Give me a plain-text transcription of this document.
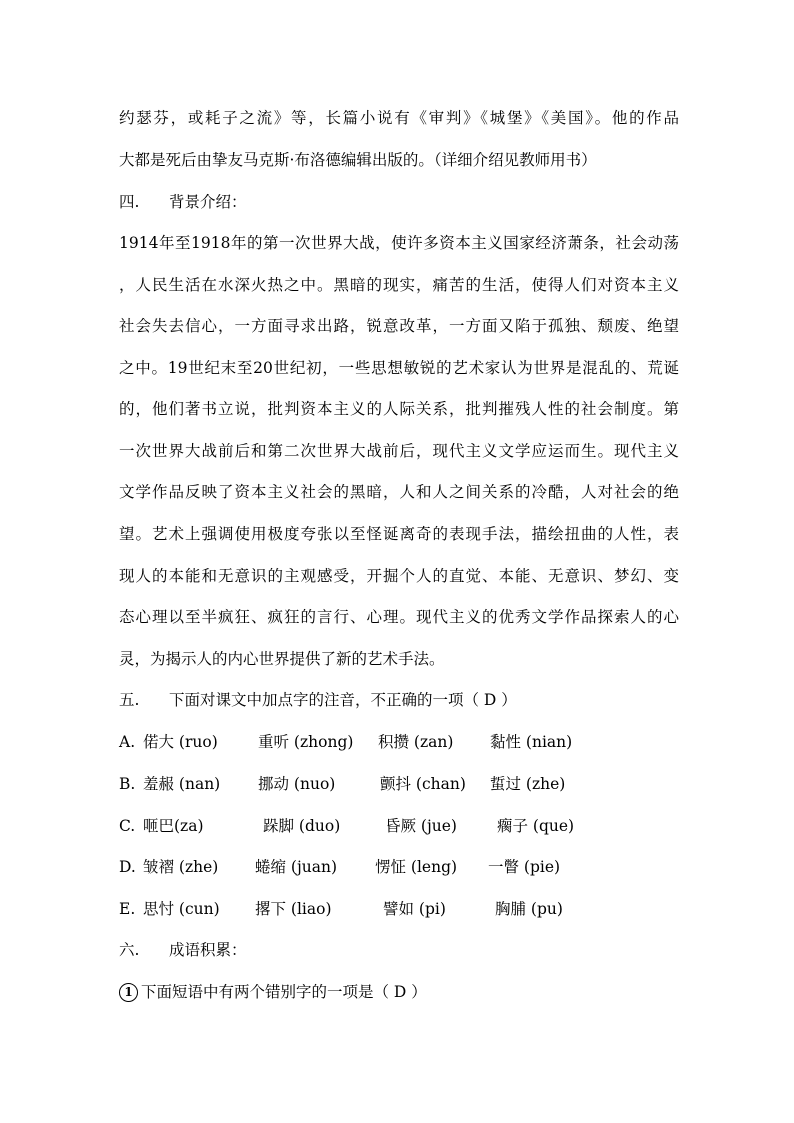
约瑟芬，或耗子之流》等，长篇小说有《审判》《城堡》《美国》。他的作品
大都是死后由挚友马克斯·布洛德编辑出版的。（详细介绍见教师用书）
四. 背景介绍：
1914年至1918年的第一次世界大战，使许多资本主义国家经济萧条，社会动荡
，人民生活在水深火热之中。黑暗的现实，痛苦的生活，使得人们对资本主义
社会失去信心，一方面寻求出路，锐意改革，一方面又陷于孤独、颓废、绝望
之中。19世纪末至20世纪初，一些思想敏锐的艺术家认为世界是混乱的、荒诞
的，他们著书立说，批判资本主义的人际关系，批判摧残人性的社会制度。第
一次世界大战前后和第二次世界大战前后，现代主义文学应运而生。现代主义
文学作品反映了资本主义社会的黑暗，人和人之间关系的冷酷，人对社会的绝
望。艺术上强调使用极度夸张以至怪诞离奇的表现手法，描绘扭曲的人性，表
现人的本能和无意识的主观感受，开掘个人的直觉、本能、无意识、梦幻、变
态心理以至半疯狂、疯狂的言行、心理。现代主义的优秀文学作品探索人的心
灵，为揭示人的内心世界提供了新的艺术手法。
五. 下面对课文中加点字的注音，不正确的一项（ D ）
A. 偌大 (ruo)	重听 (zhong)	积攒 (zan)	黏性 (nian)
B. 羞赧 (nan)	挪动 (nuo)	颤抖 (chan)	蜇过 (zhe)
C. 咂巴(za)	跺脚 (duo)	昏厥 (jue)	瘸子 (que)
D. 皱褶 (zhe)	蜷缩 (juan)	愣怔 (leng)	一瞥 (pie)
E. 思忖 (cun)	撂下 (liao)	譬如 (pi)	胸脯 (pu)
六. 成语积累：
1 下面短语中有两个错别字的一项是（ D ）
